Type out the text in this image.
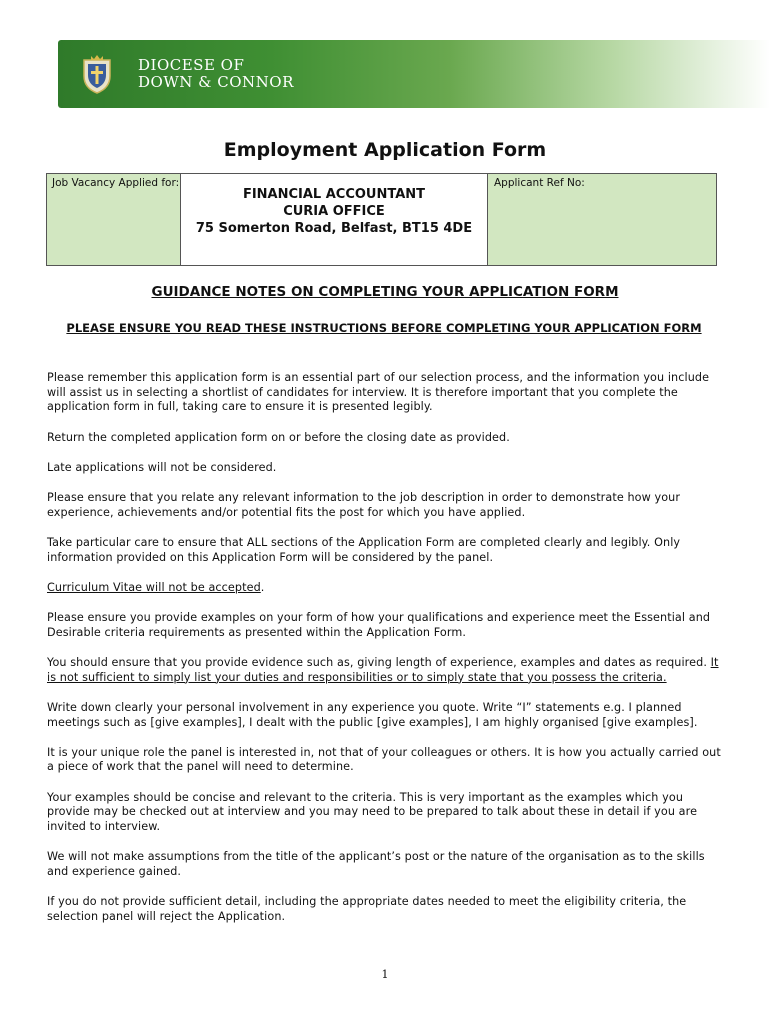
DIOCESE OF
DOWN & CONNOR
Employment Application Form
Job Vacancy Applied for:	
FINANCIAL ACCOUNTANT
CURIA OFFICE
75 Somerton Road, Belfast, BT15 4DE
	Applicant Ref No:
GUIDANCE NOTES ON COMPLETING YOUR APPLICATION FORM
PLEASE ENSURE YOU READ THESE INSTRUCTIONS BEFORE COMPLETING YOUR APPLICATION FORM

Please remember this application form is an essential part of our selection process, and the information you include will assist us in selecting a shortlist of candidates for interview. It is therefore important that you complete the application form in full, taking care to ensure it is presented legibly.

Return the completed application form on or before the closing date as provided.

Late applications will not be considered.

Please ensure that you relate any relevant information to the job description in order to demonstrate how your experience, achievements and/or potential fits the post for which you have applied.

Take particular care to ensure that ALL sections of the Application Form are completed clearly and legibly. Only information provided on this Application Form will be considered by the panel.

Curriculum Vitae will not be accepted.

Please ensure you provide examples on your form of how your qualifications and experience meet the Essential and Desirable criteria requirements as presented within the Application Form.

You should ensure that you provide evidence such as, giving length of experience, examples and dates as required. It is not sufficient to simply list your duties and responsibilities or to simply state that you possess the criteria.

Write down clearly your personal involvement in any experience you quote. Write “I” statements e.g. I planned meetings such as [give examples], I dealt with the public [give examples], I am highly organised [give examples].

It is your unique role the panel is interested in, not that of your colleagues or others. It is how you actually carried out a piece of work that the panel will need to determine.

Your examples should be concise and relevant to the criteria. This is very important as the examples which you provide may be checked out at interview and you may need to be prepared to talk about these in detail if you are invited to interview.

We will not make assumptions from the title of the applicant’s post or the nature of the organisation as to the skills and experience gained.

If you do not provide sufficient detail, including the appropriate dates needed to meet the eligibility criteria, the selection panel will reject the Application.

1
